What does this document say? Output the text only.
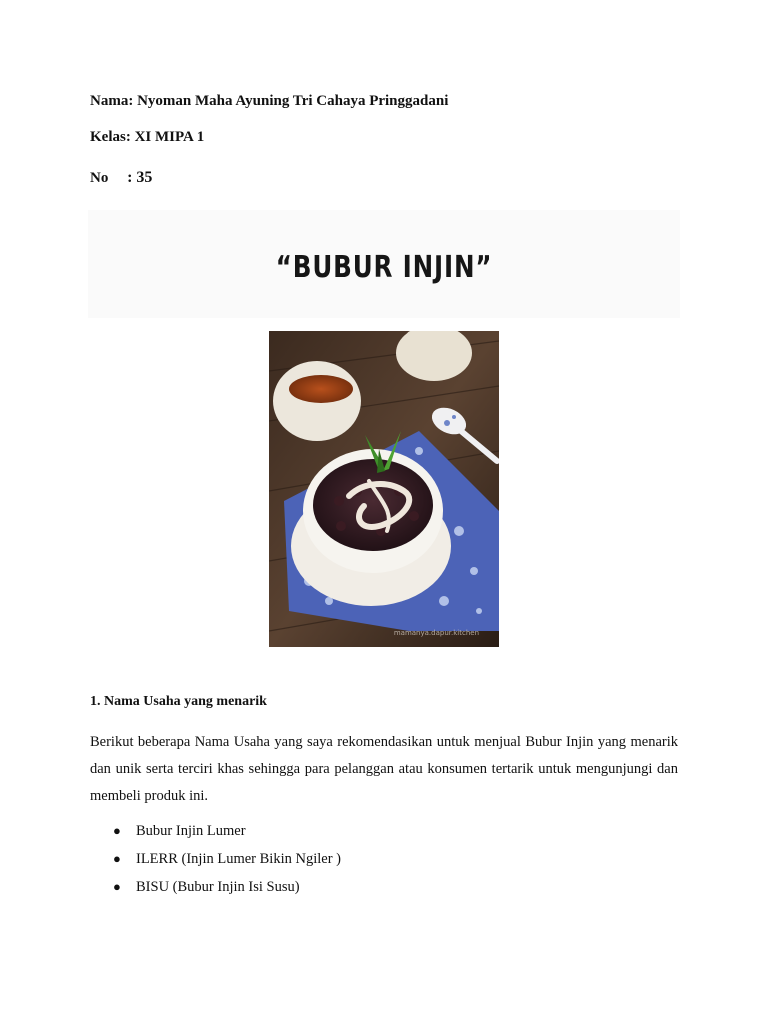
Nama: Nyoman Maha Ayuning Tri Cahaya Pringgadani
Kelas: XI MIPA 1
No : 35
“BUBUR INJIN”
mamanya.dapur.kitchen
1. Nama Usaha yang menarik
Berikut beberapa Nama Usaha yang saya rekomendasikan untuk menjual Bubur Injin yang menarik dan unik serta terciri khas sehingga para pelanggan atau konsumen tertarik untuk mengunjungi dan membeli produk ini.
● Bubur Injin Lumer
● ILERR (Injin Lumer Bikin Ngiler )
● BISU (Bubur Injin Isi Susu)
